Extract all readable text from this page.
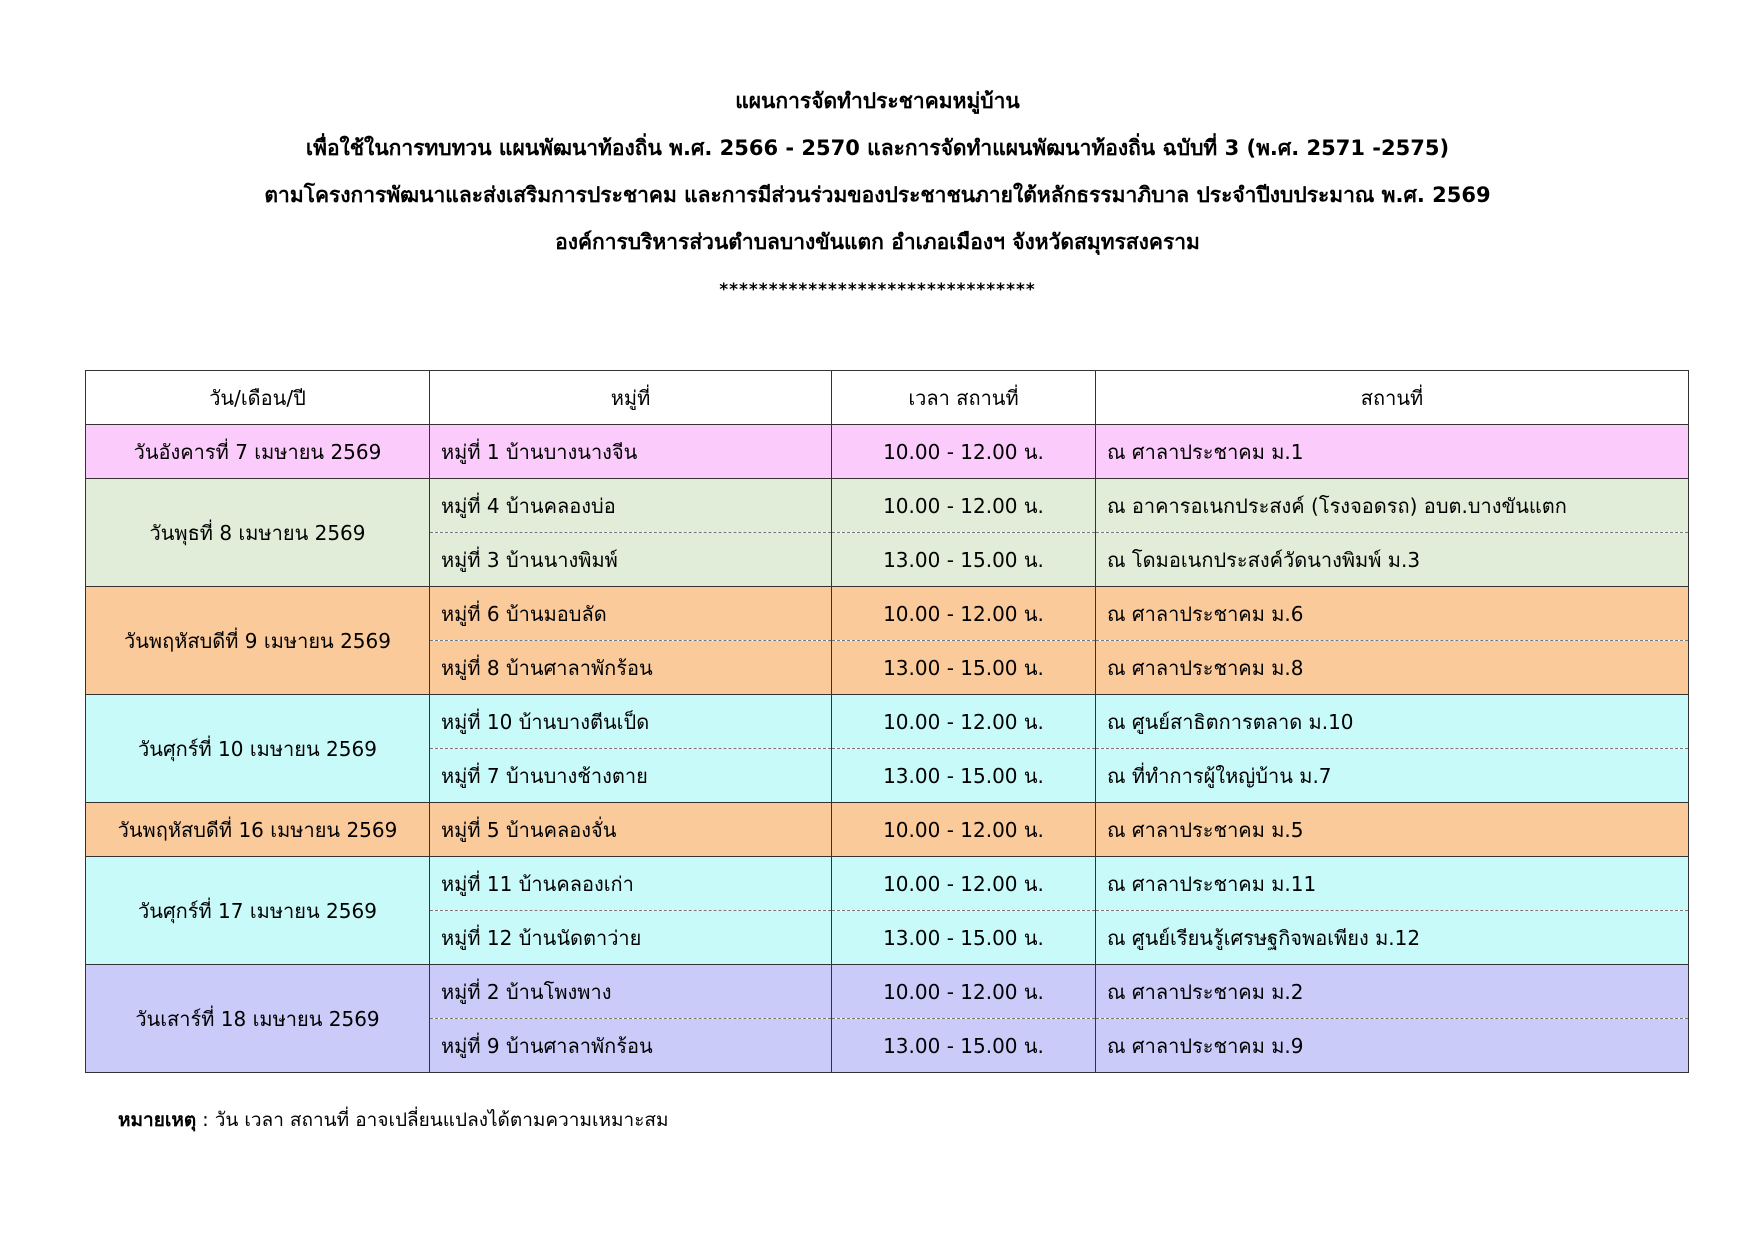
แผนการจัดทำประชาคมหมู่บ้าน
เพื่อใช้ในการทบทวน แผนพัฒนาท้องถิ่น พ.ศ. 2566 - 2570 และการจัดทำแผนพัฒนาท้องถิ่น ฉบับที่ 3 (พ.ศ. 2571 -2575)
ตามโครงการพัฒนาและส่งเสริมการประชาคม และการมีส่วนร่วมของประชาชนภายใต้หลักธรรมาภิบาล ประจำปีงบประมาณ พ.ศ. 2569
องค์การบริหารส่วนตำบลบางขันแตก อำเภอเมืองฯ จังหวัดสมุทรสงคราม
********************************
วัน/เดือน/ปี	หมู่ที่	เวลา สถานที่	สถานที่
วันอังคารที่ 7 เมษายน 2569	หมู่ที่ 1 บ้านบางนางจีน	10.00 - 12.00 น.	ณ ศาลาประชาคม ม.1
วันพุธที่ 8 เมษายน 2569	หมู่ที่ 4 บ้านคลองบ่อ	10.00 - 12.00 น.	ณ อาคารอเนกประสงค์ (โรงจอดรถ) อบต.บางขันแตก
	หมู่ที่ 3 บ้านนางพิมพ์	13.00 - 15.00 น.	ณ โดมอเนกประสงค์วัดนางพิมพ์ ม.3
วันพฤหัสบดีที่ 9 เมษายน 2569	หมู่ที่ 6 บ้านมอบลัด	10.00 - 12.00 น.	ณ ศาลาประชาคม ม.6
	หมู่ที่ 8 บ้านศาลาพักร้อน	13.00 - 15.00 น.	ณ ศาลาประชาคม ม.8
วันศุกร์ที่ 10 เมษายน 2569	หมู่ที่ 10 บ้านบางตีนเป็ด	10.00 - 12.00 น.	ณ ศูนย์สาธิตการตลาด ม.10
	หมู่ที่ 7 บ้านบางช้างตาย	13.00 - 15.00 น.	ณ ที่ทำการผู้ใหญ่บ้าน ม.7
วันพฤหัสบดีที่ 16 เมษายน 2569	หมู่ที่ 5 บ้านคลองจั่น	10.00 - 12.00 น.	ณ ศาลาประชาคม ม.5
วันศุกร์ที่ 17 เมษายน 2569	หมู่ที่ 11 บ้านคลองเก่า	10.00 - 12.00 น.	ณ ศาลาประชาคม ม.11
	หมู่ที่ 12 บ้านนัดตาว่าย	13.00 - 15.00 น.	ณ ศูนย์เรียนรู้เศรษฐกิจพอเพียง ม.12
วันเสาร์ที่ 18 เมษายน 2569	หมู่ที่ 2 บ้านโพงพาง	10.00 - 12.00 น.	ณ ศาลาประชาคม ม.2
	หมู่ที่ 9 บ้านศาลาพักร้อน	13.00 - 15.00 น.	ณ ศาลาประชาคม ม.9
หมายเหตุ : วัน เวลา สถานที่ อาจเปลี่ยนแปลงได้ตามความเหมาะสม
